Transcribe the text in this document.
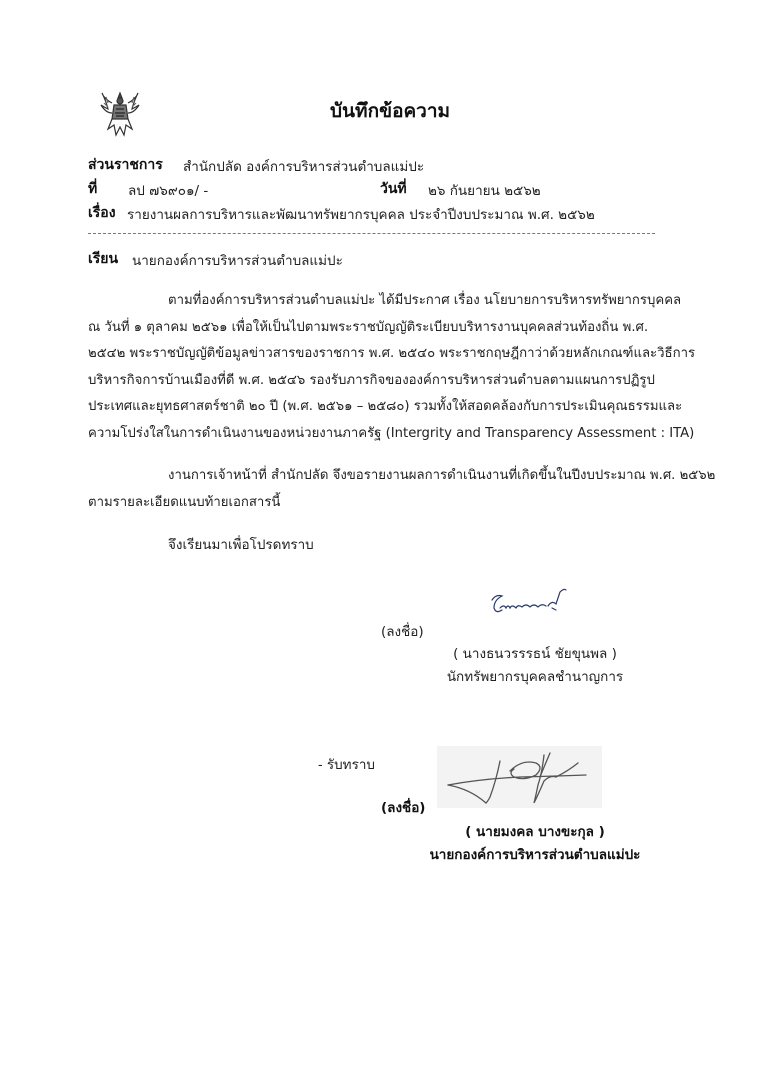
บันทึกข้อความ
ส่วนราชการ สำนักปลัด องค์การบริหารส่วนตำบลแม่ปะ
ที่ ลป ๗๖๙๐๑/ -	วันที่ ๒๖ กันยายน ๒๕๖๒
เรื่อง รายงานผลการบริหารและพัฒนาทรัพยากรบุคคล ประจำปีงบประมาณ พ.ศ. ๒๕๖๒
เรียน นายกองค์การบริหารส่วนตำบลแม่ปะ
ตามที่องค์การบริหารส่วนตำบลแม่ปะ ได้มีประกาศ เรื่อง นโยบายการบริหารทรัพยากรบุคคล
ณ วันที่ ๑ ตุลาคม ๒๕๖๑ เพื่อให้เป็นไปตามพระราชบัญญัติระเบียบบริหารงานบุคคลส่วนท้องถิ่น พ.ศ.
๒๕๔๒ พระราชบัญญัติข้อมูลข่าวสารของราชการ พ.ศ. ๒๕๔๐ พระราชกฤษฎีกาว่าด้วยหลักเกณฑ์และวิธีการ
บริหารกิจการบ้านเมืองที่ดี พ.ศ. ๒๕๔๖ รองรับภารกิจขององค์การบริหารส่วนตำบลตามแผนการปฏิรูป
ประเทศและยุทธศาสตร์ชาติ ๒๐ ปี (พ.ศ. ๒๕๖๑ – ๒๕๘๐) รวมทั้งให้สอดคล้องกับการประเมินคุณธรรมและ
ความโปร่งใสในการดำเนินงานของหน่วยงานภาครัฐ (Intergrity and Transparency Assessment : ITA)
งานการเจ้าหน้าที่ สำนักปลัด จึงขอรายงานผลการดำเนินงานที่เกิดขึ้นในปีงบประมาณ พ.ศ. ๒๕๖๒
ตามรายละเอียดแนบท้ายเอกสารนี้
จึงเรียนมาเพื่อโปรดทราบ
(ลงชื่อ)
( นางธนวรรรธน์ ชัยขุนพล )
นักทรัพยากรบุคคลชำนาญการ
- รับทราบ
(ลงชื่อ)
( นายมงคล บางขะกุล )
นายกองค์การบริหารส่วนตำบลแม่ปะ
